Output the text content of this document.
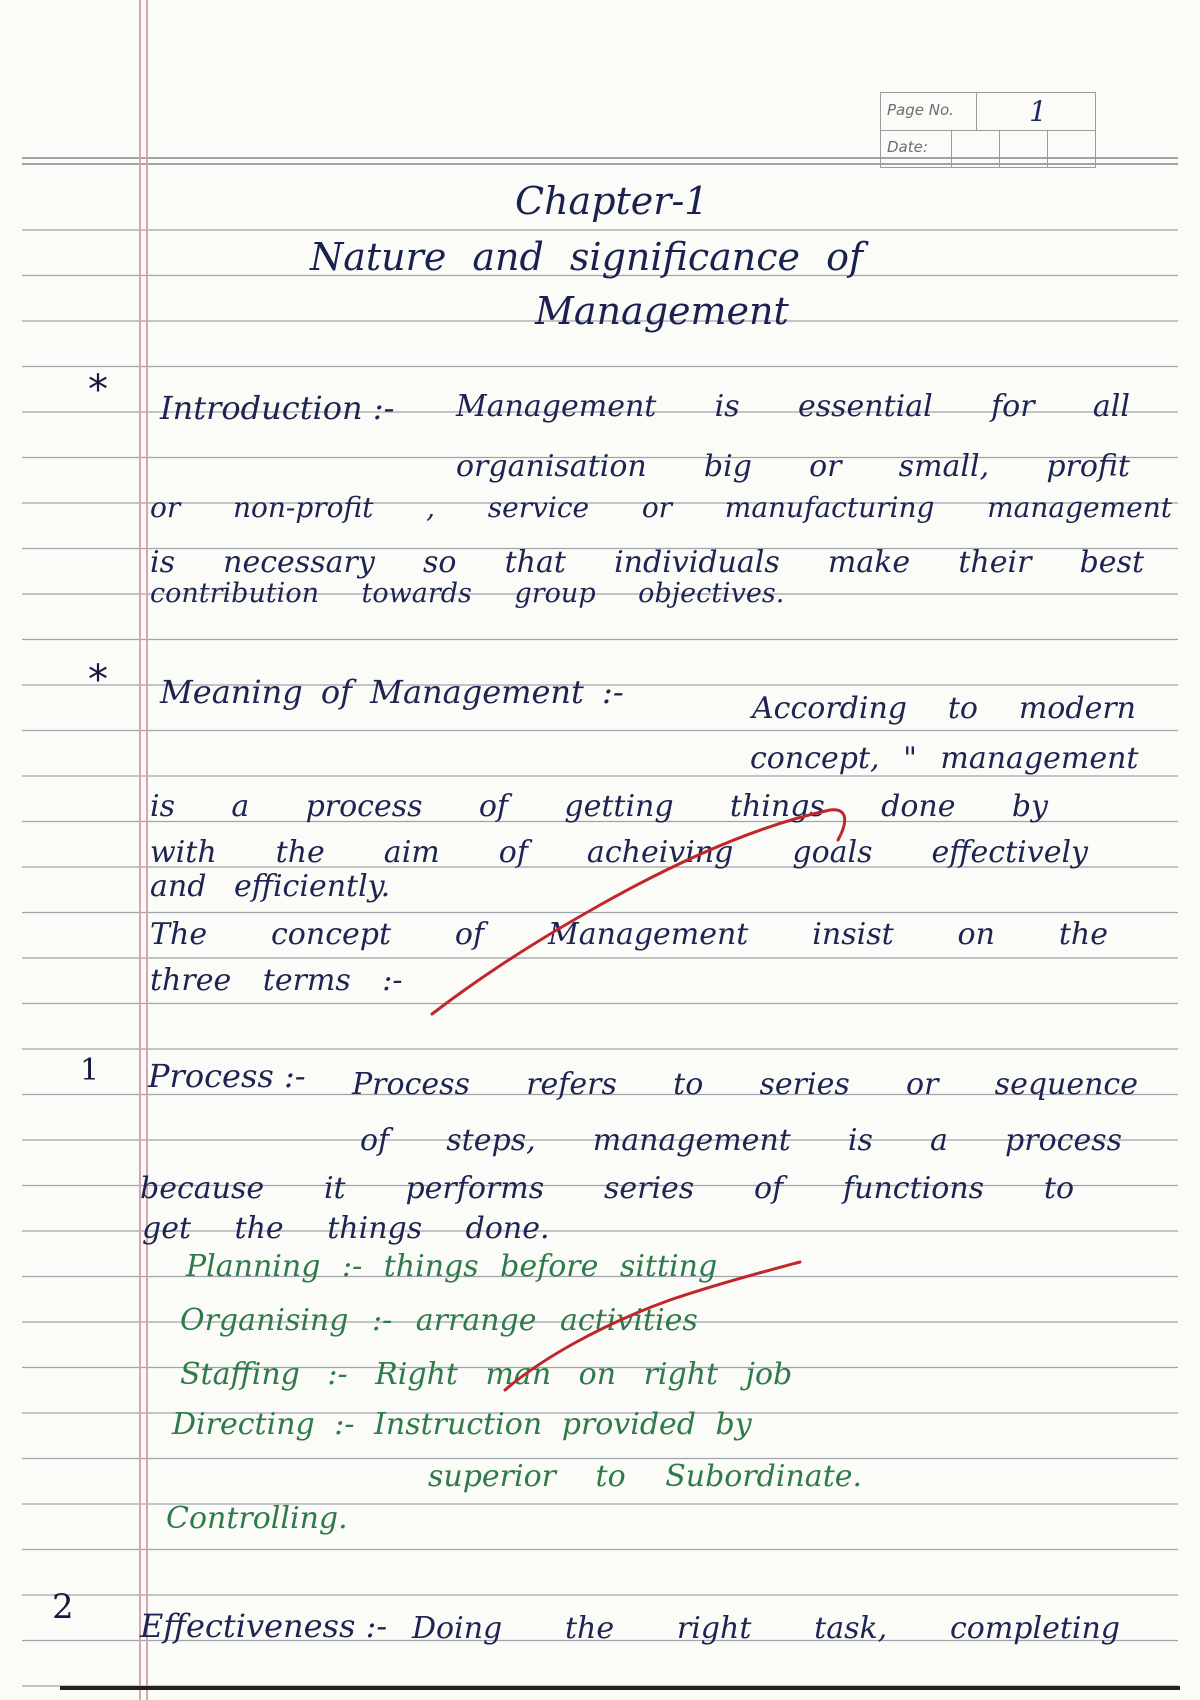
Page No.	1
Date:

Chapter-1

Nature and significance of

Management

* Introduction :- Management is essential for all

organisation big or small, profit

or non-profit , service or manufacturing management

is necessary so that individuals make their best

contribution towards group objectives.

* Meaning of Management :-	According to modern

concept, " management

is a process of getting things done by

with the aim of acheiving goals effectively

and efficiently.

The concept of Management insist on the

three terms :-

1 Process :- Process refers to series or sequence

of steps, management is a process

because it performs series of functions to

get the things done.

Planning :- things before sitting

Organising :- arrange activities

Staffing :- Right man on right job

Directing :- Instruction provided by

superior to Subordinate.

Controlling.

2 Effectiveness :- Doing the right task, completing
